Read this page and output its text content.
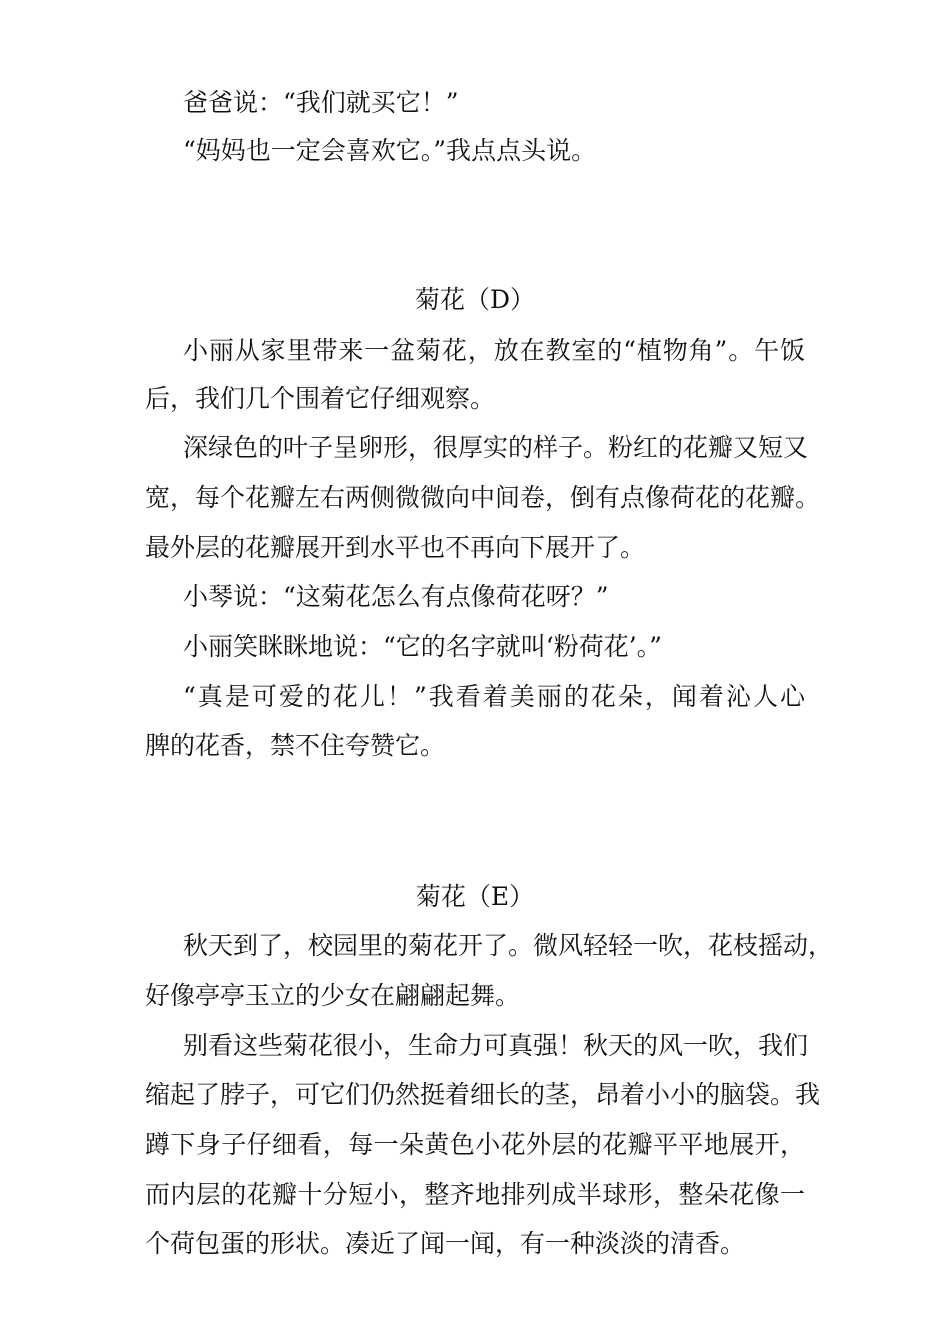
爸爸说：“我们就买它！”
“妈妈也一定会喜欢它。”我点点头说。
菊花（D）
小丽从家里带来一盆菊花，放在教室的“植物角”。午饭
后，我们几个围着它仔细观察。
深绿色的叶子呈卵形，很厚实的样子。粉红的花瓣又短又
宽，每个花瓣左右两侧微微向中间卷，倒有点像荷花的花瓣。
最外层的花瓣展开到水平也不再向下展开了。
小琴说：“这菊花怎么有点像荷花呀？”
小丽笑眯眯地说：“它的名字就叫‘粉荷花’。”
“真是可爱的花儿！”我看着美丽的花朵，闻着沁人心
脾的花香，禁不住夸赞它。
菊花（E）
秋天到了，校园里的菊花开了。微风轻轻一吹，花枝摇动，
好像亭亭玉立的少女在翩翩起舞。
别看这些菊花很小，生命力可真强！秋天的风一吹，我们
缩起了脖子，可它们仍然挺着细长的茎，昂着小小的脑袋。我
蹲下身子仔细看，每一朵黄色小花外层的花瓣平平地展开，
而内层的花瓣十分短小，整齐地排列成半球形，整朵花像一
个荷包蛋的形状。凑近了闻一闻，有一种淡淡的清香。
